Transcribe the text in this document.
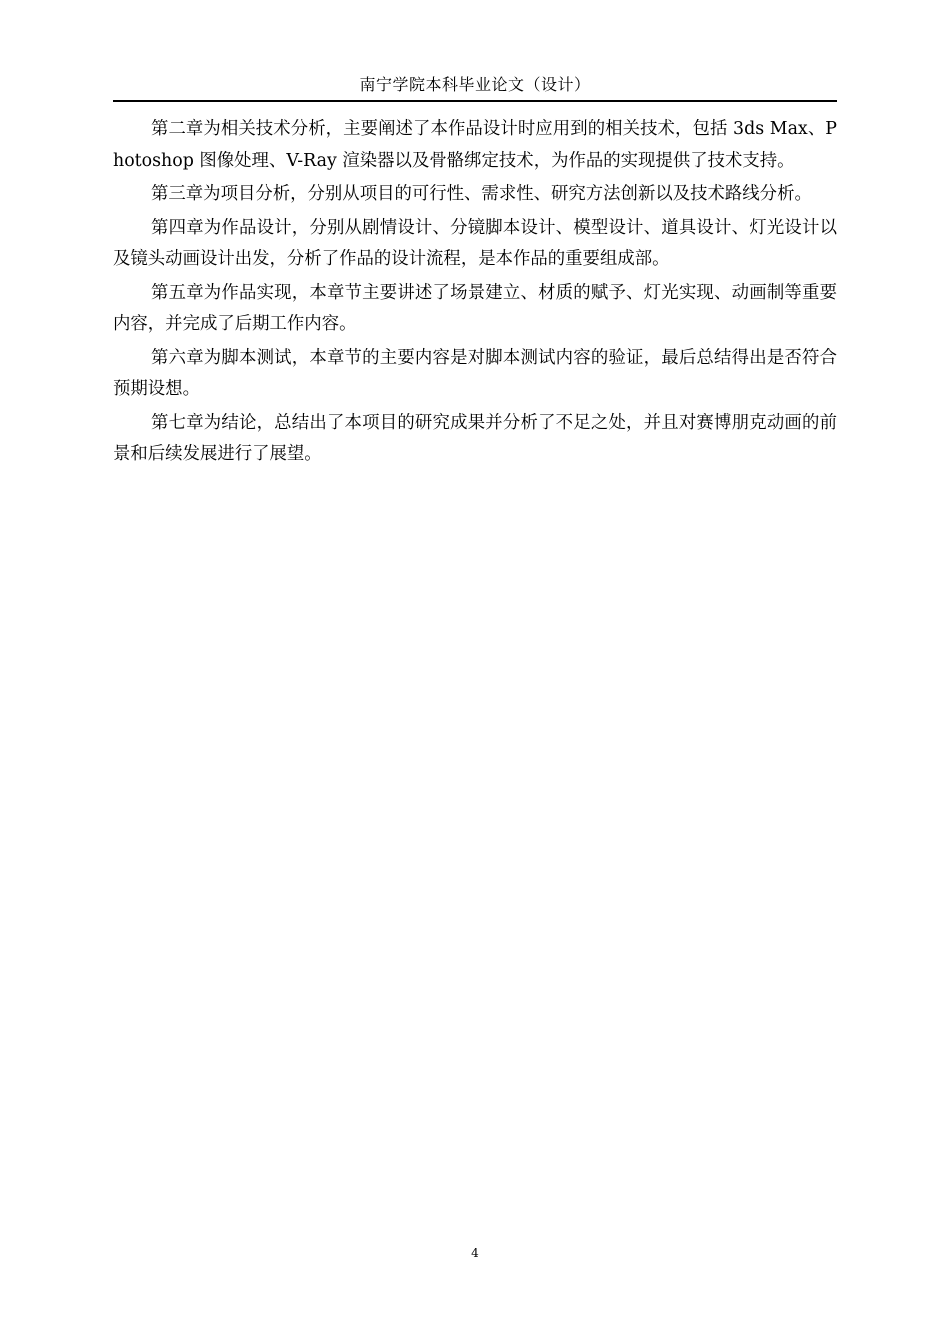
南宁学院本科毕业论文（设计）

第二章为相关技术分析，主要阐述了本作品设计时应用到的相关技术，包括 3ds Max、Photoshop 图像处理、V-Ray 渲染器以及骨骼绑定技术，为作品的实现提供了技术支持。

第三章为项目分析，分别从项目的可行性、需求性、研究方法创新以及技术路线分析。

第四章为作品设计，分别从剧情设计、分镜脚本设计、模型设计、道具设计、灯光设计以及镜头动画设计出发，分析了作品的设计流程，是本作品的重要组成部。

第五章为作品实现，本章节主要讲述了场景建立、材质的赋予、灯光实现、动画制等重要内容，并完成了后期工作内容。

第六章为脚本测试，本章节的主要内容是对脚本测试内容的验证，最后总结得出是否符合预期设想。

第七章为结论，总结出了本项目的研究成果并分析了不足之处，并且对赛博朋克动画的前景和后续发展进行了展望。

4
